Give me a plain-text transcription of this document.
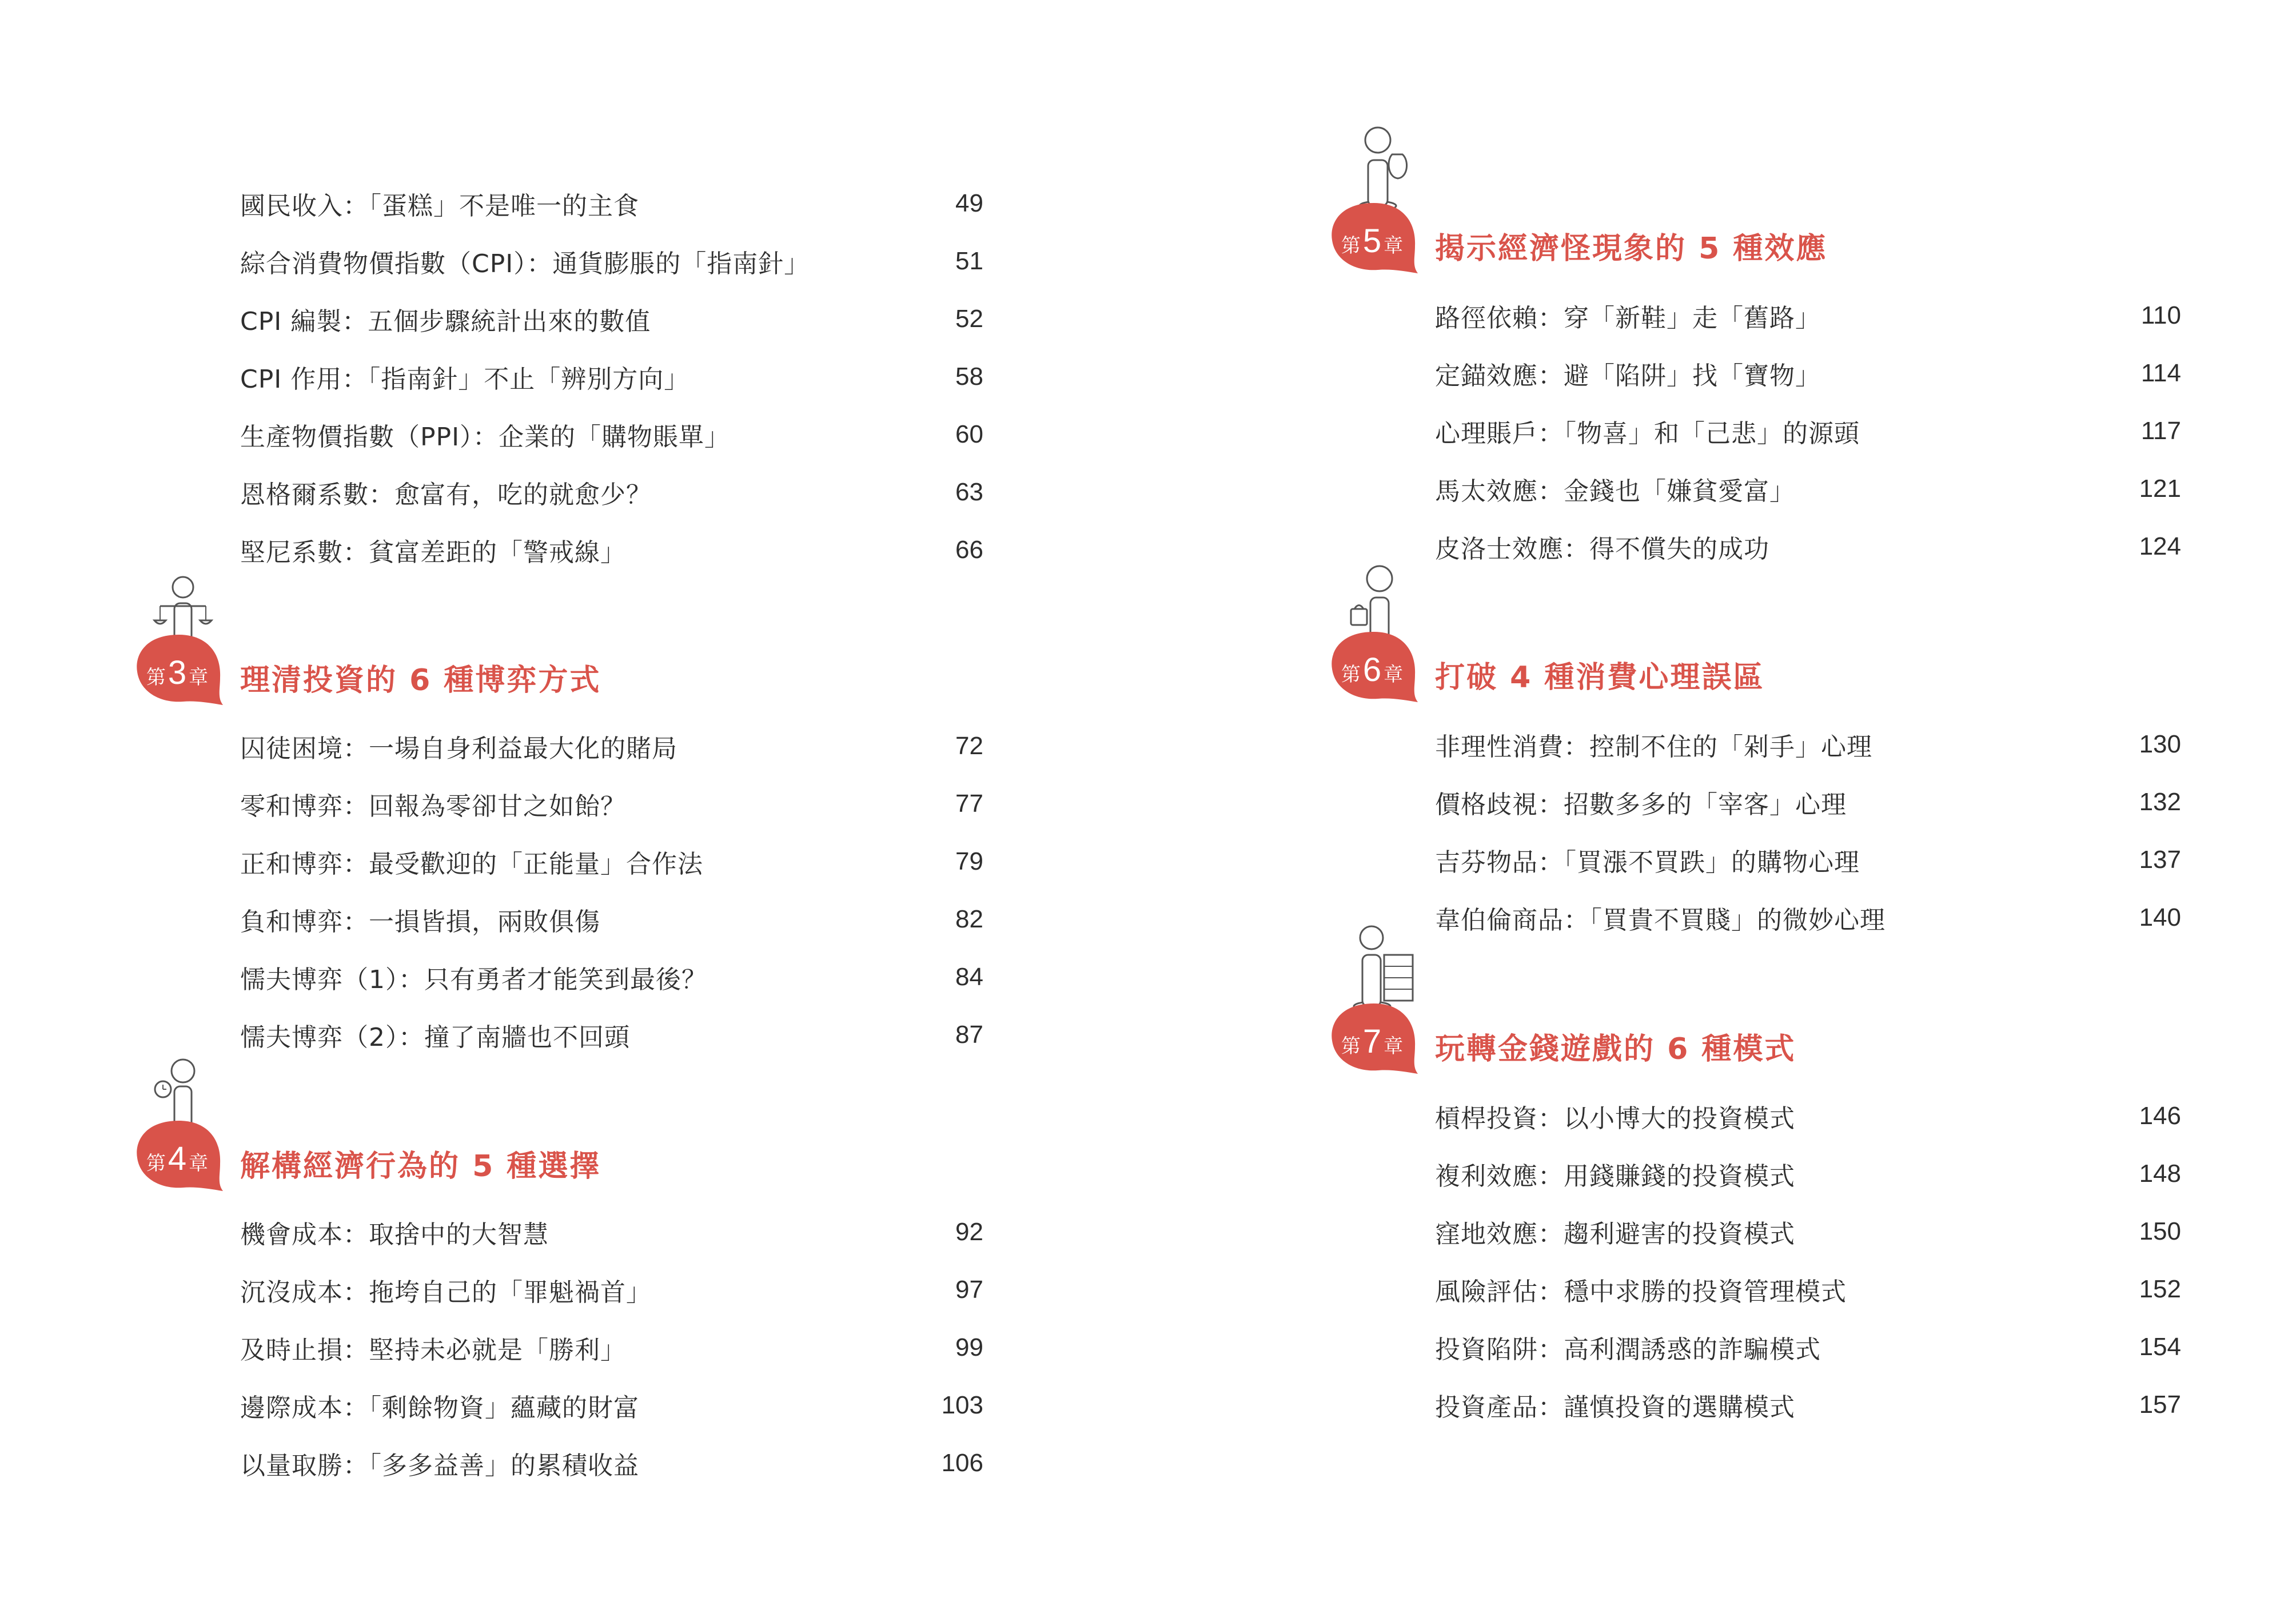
國民收入：「蛋糕」不是唯一的主食	49
綜合消費物價指數（CPI）：通貨膨脹的「指南針」	51
CPI 編製：五個步驟統計出來的數值	52
CPI 作用：「指南針」不止「辨別方向」	58
生產物價指數（PPI）：企業的「購物賬單」	60
恩格爾系數：愈富有，吃的就愈少？	63
堅尼系數：貧富差距的「警戒線」	66
第3 章	理清投資的 6 種博弈方式
囚徒困境：一場自身利益最大化的賭局	72
零和博弈：回報為零卻甘之如飴？	77
正和博弈：最受歡迎的「正能量」合作法	79
負和博弈：一損皆損，兩敗俱傷	82
懦夫博弈（1）：只有勇者才能笑到最後？	84
懦夫博弈（2）：撞了南牆也不回頭	87
第4 章	解構經濟行為的 5 種選擇
機會成本：取捨中的大智慧	92
沉沒成本：拖垮自己的「罪魁禍首」	97
及時止損：堅持未必就是「勝利」	99
邊際成本：「剩餘物資」蘊藏的財富	103
以量取勝：「多多益善」的累積收益	106
第5 章	揭示經濟怪現象的 5 種效應
路徑依賴：穿「新鞋」走「舊路」	110
定錨效應：避「陷阱」找「寶物」	114
心理賬戶：「物喜」和「己悲」的源頭	117
馬太效應：金錢也「嫌貧愛富」	121
皮洛士效應：得不償失的成功	124
第6 章	打破 4 種消費心理誤區
非理性消費：控制不住的「剁手」心理	130
價格歧視：招數多多的「宰客」心理	132
吉芬物品：「買漲不買跌」的購物心理	137
韋伯倫商品：「買貴不買賤」的微妙心理	140
第7 章	玩轉金錢遊戲的 6 種模式
槓桿投資：以小博大的投資模式	146
複利效應：用錢賺錢的投資模式	148
窪地效應：趨利避害的投資模式	150
風險評估：穩中求勝的投資管理模式	152
投資陷阱：高利潤誘惑的詐騙模式	154
投資產品：謹慎投資的選購模式	157
